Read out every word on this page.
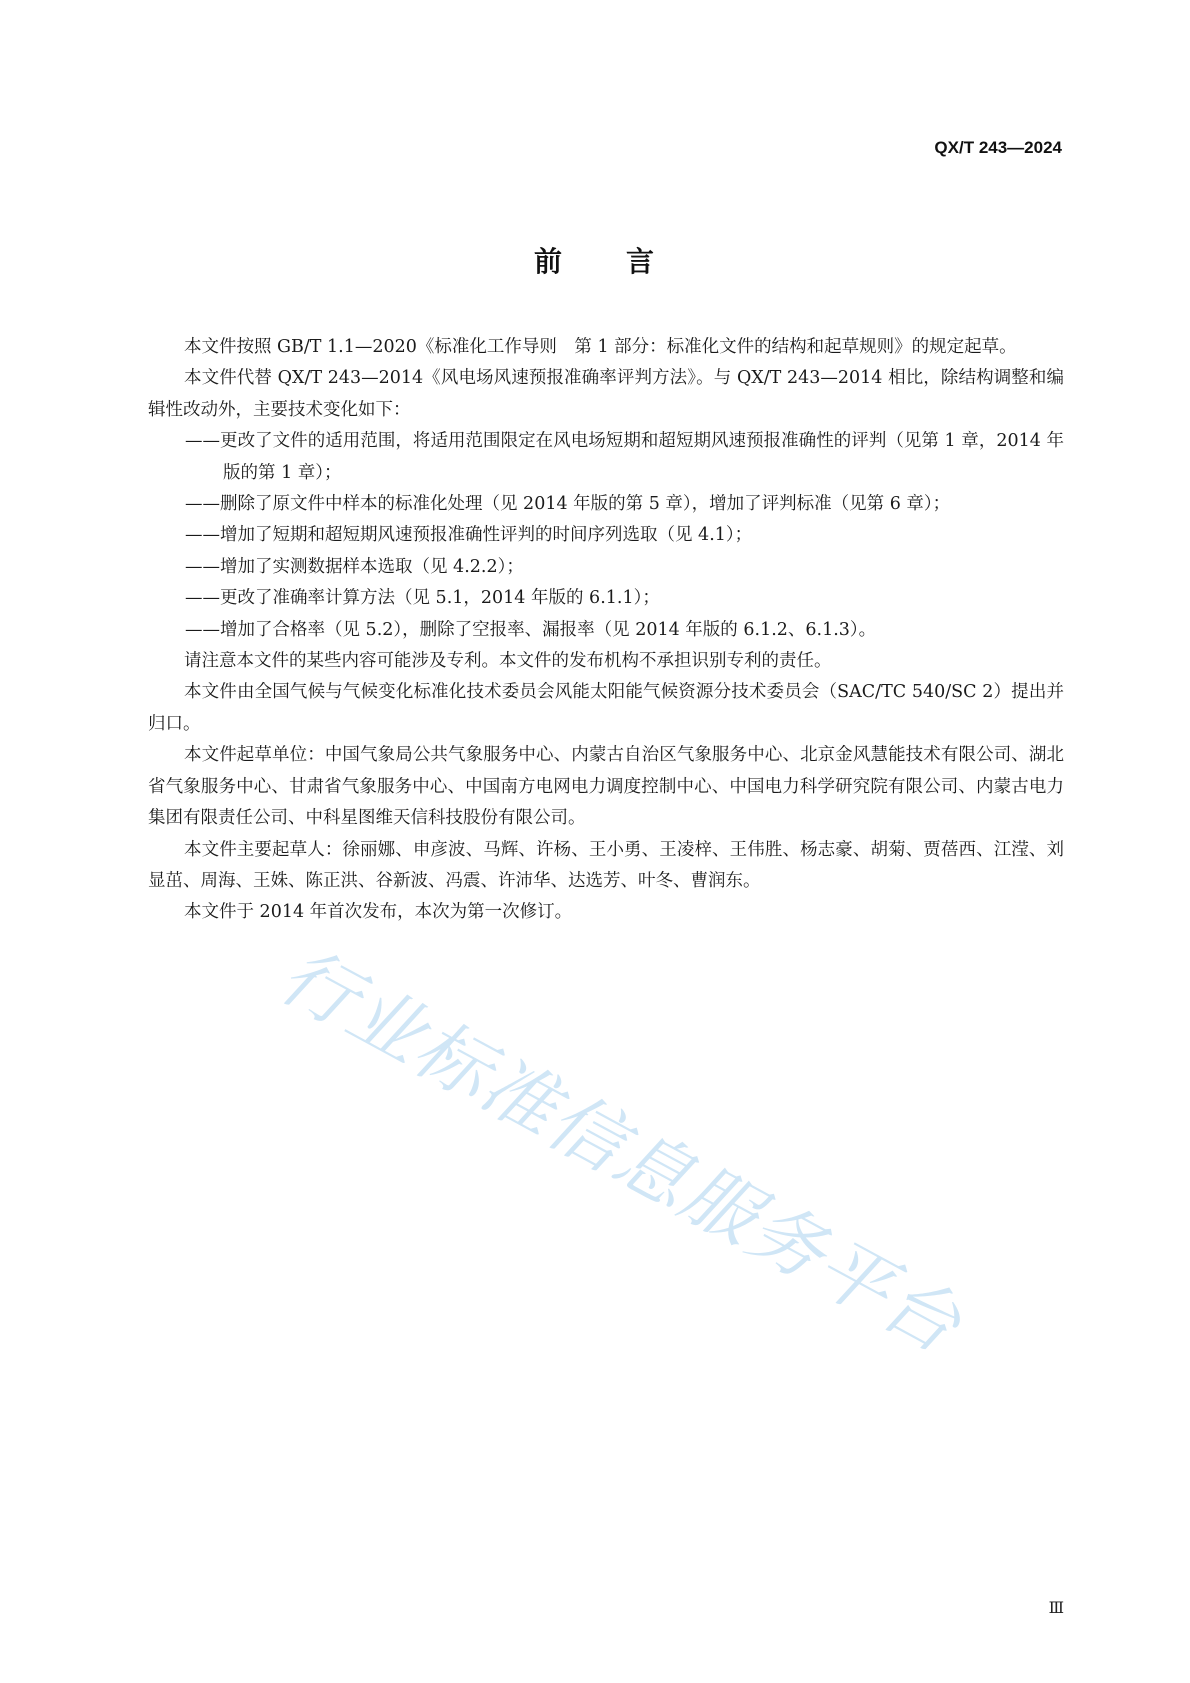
QX/T 243—2024
前 言

本文件按照 GB/T 1.1—2020《标准化工作导则　第 1 部分：标准化文件的结构和起草规则》的规定起草。

本文件代替 QX/T 243—2014《风电场风速预报准确率评判方法》。与 QX/T 243—2014 相比，除结构调整和编辑性改动外，主要技术变化如下：

——更改了文件的适用范围，将适用范围限定在风电场短期和超短期风速预报准确性的评判（见第 1 章，2014 年版的第 1 章）；
——删除了原文件中样本的标准化处理（见 2014 年版的第 5 章），增加了评判标准（见第 6 章）；
——增加了短期和超短期风速预报准确性评判的时间序列选取（见 4.1）；
——增加了实测数据样本选取（见 4.2.2）；
——更改了准确率计算方法（见 5.1，2014 年版的 6.1.1）；
——增加了合格率（见 5.2），删除了空报率、漏报率（见 2014 年版的 6.1.2、6.1.3）。

请注意本文件的某些内容可能涉及专利。本文件的发布机构不承担识别专利的责任。

本文件由全国气候与气候变化标准化技术委员会风能太阳能气候资源分技术委员会（SAC/TC 540/SC 2）提出并归口。

本文件起草单位：中国气象局公共气象服务中心、内蒙古自治区气象服务中心、北京金风慧能技术有限公司、湖北省气象服务中心、甘肃省气象服务中心、中国南方电网电力调度控制中心、中国电力科学研究院有限公司、内蒙古电力集团有限责任公司、中科星图维天信科技股份有限公司。

本文件主要起草人：徐丽娜、申彦波、马辉、许杨、王小勇、王凌梓、王伟胜、杨志豪、胡菊、贾蓓西、江滢、刘显茁、周海、王姝、陈正洪、谷新波、冯震、许沛华、达选芳、叶冬、曹润东。

本文件于 2014 年首次发布，本次为第一次修订。

行业标准信息服务平台
Ⅲ
